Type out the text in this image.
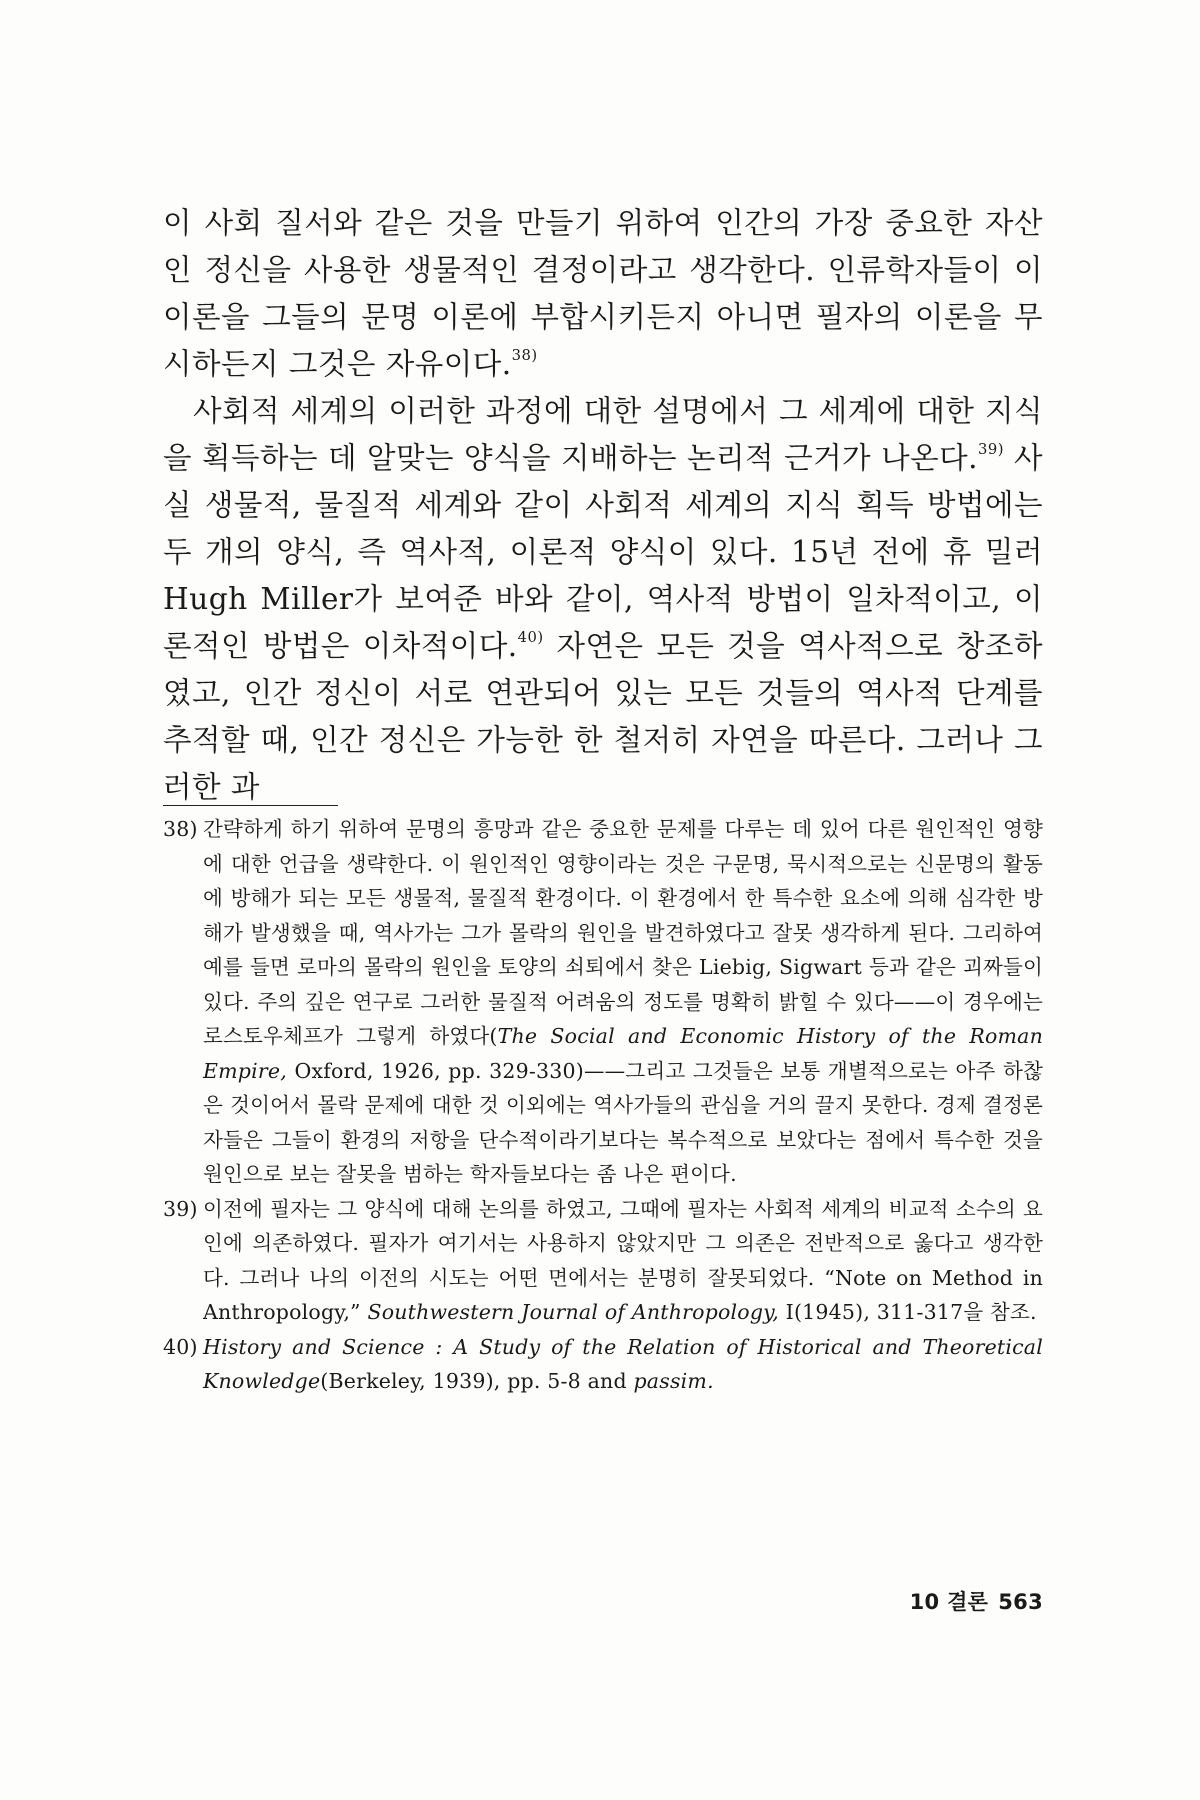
이 사회 질서와 같은 것을 만들기 위하여 인간의 가장 중요한 자산인 정신을 사용한 생물적인 결정이라고 생각한다. 인류학자들이 이 이론을 그들의 문명 이론에 부합시키든지 아니면 필자의 이론을 무시하든지 그것은 자유이다.$^{38)}$

사회적 세계의 이러한 과정에 대한 설명에서 그 세계에 대한 지식을 획득하는 데 알맞는 양식을 지배하는 논리적 근거가 나온다.$^{39)}$ 사실 생물적, 물질적 세계와 같이 사회적 세계의 지식 획득 방법에는 두 개의 양식, 즉 역사적, 이론적 양식이 있다. 15년 전에 휴 밀러 Hugh Miller가 보여준 바와 같이, 역사적 방법이 일차적이고, 이론적인 방법은 이차적이다.$^{40)}$ 자연은 모든 것을 역사적으로 창조하였고, 인간 정신이 서로 연관되어 있는 모든 것들의 역사적 단계를 추적할 때, 인간 정신은 가능한 한 철저히 자연을 따른다. 그러나 그러한 과

38) 간략하게 하기 위하여 문명의 흥망과 같은 중요한 문제를 다루는 데 있어 다른 원인적인 영향에 대한 언급을 생략한다. 이 원인적인 영향이라는 것은 구문명, 묵시적으로는 신문명의 활동에 방해가 되는 모든 생물적, 물질적 환경이다. 이 환경에서 한 특수한 요소에 의해 심각한 방해가 발생했을 때, 역사가는 그가 몰락의 원인을 발견하였다고 잘못 생각하게 된다. 그리하여 예를 들면 로마의 몰락의 원인을 토양의 쇠퇴에서 찾은 Liebig, Sigwart 등과 같은 괴짜들이 있다. 주의 깊은 연구로 그러한 물질적 어려움의 정도를 명확히 밝힐 수 있다——이 경우에는 로스토우체프가 그렇게 하였다(The Social and Economic History of the Roman Empire, Oxford, 1926, pp. 329-330)——그리고 그것들은 보통 개별적으로는 아주 하찮은 것이어서 몰락 문제에 대한 것 이외에는 역사가들의 관심을 거의 끌지 못한다. 경제 결정론자들은 그들이 환경의 저항을 단수적이라기보다는 복수적으로 보았다는 점에서 특수한 것을 원인으로 보는 잘못을 범하는 학자들보다는 좀 나은 편이다.
39) 이전에 필자는 그 양식에 대해 논의를 하였고, 그때에 필자는 사회적 세계의 비교적 소수의 요인에 의존하였다. 필자가 여기서는 사용하지 않았지만 그 의존은 전반적으로 옳다고 생각한다. 그러나 나의 이전의 시도는 어떤 면에서는 분명히 잘못되었다. “Note on Method in Anthropology,” Southwestern Journal of Anthropology, I(1945), 311-317을 참조.
40) History and Science : A Study of the Relation of Historical and Theoretical Knowledge(Berkeley, 1939), pp. 5-8 and passim.
10 결론 563
